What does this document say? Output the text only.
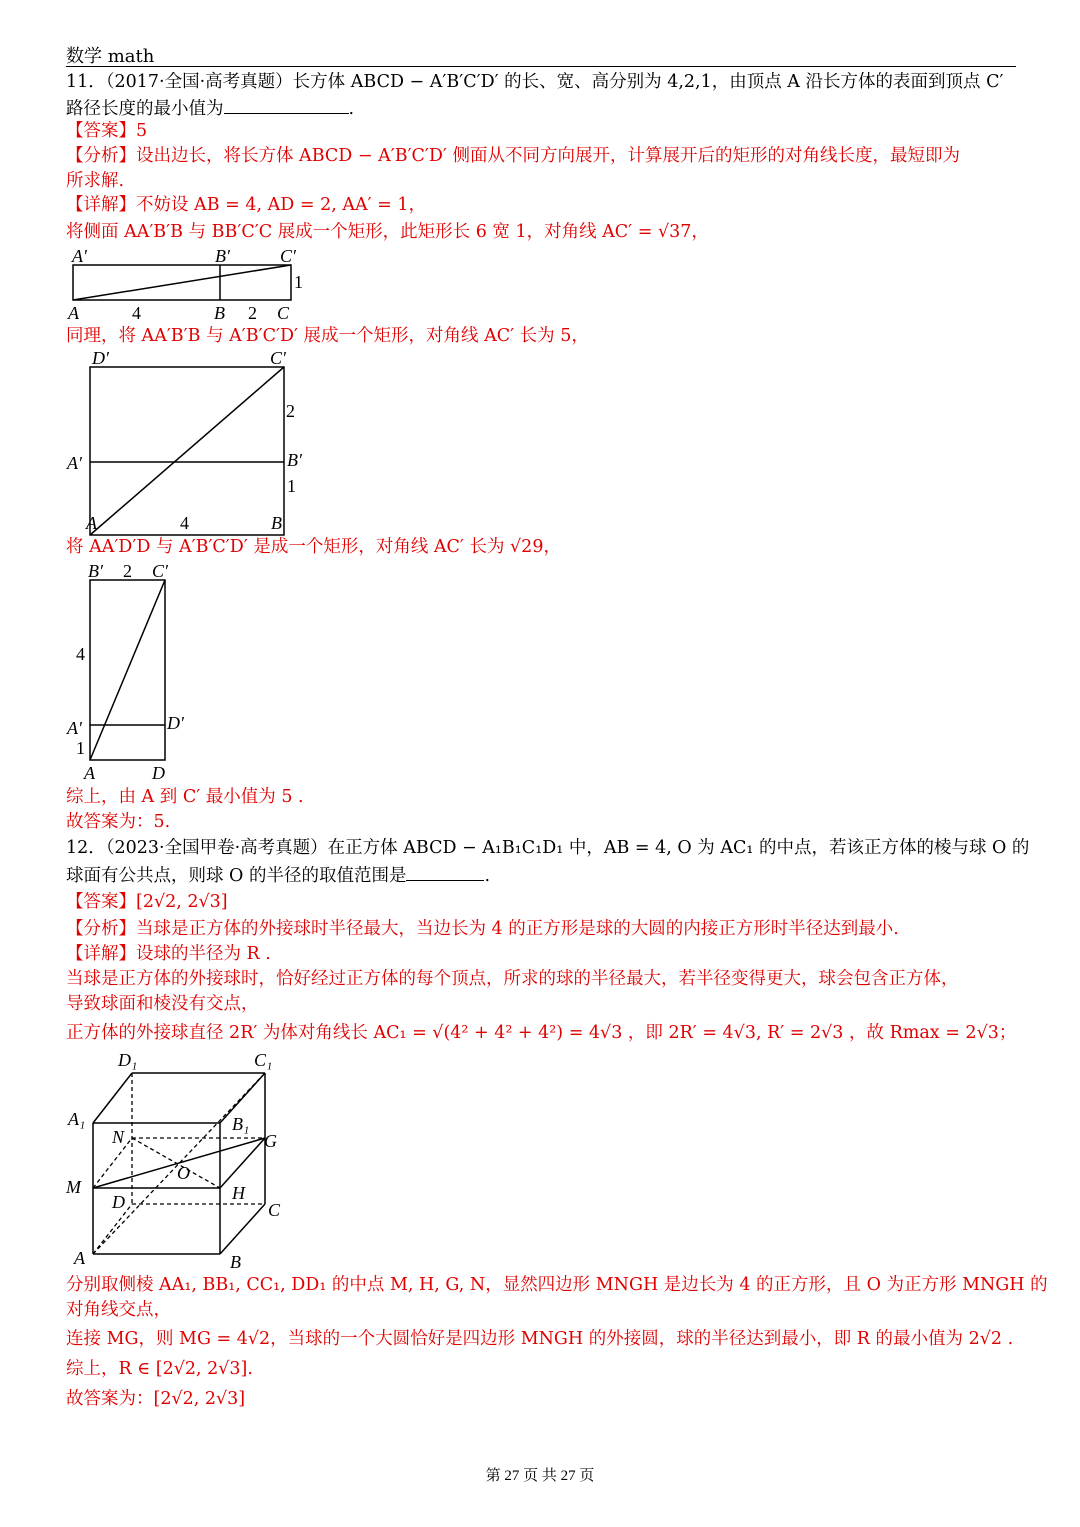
数学 math
11．（2017·全国·高考真题）长方体 ABCD − A′B′C′D′ 的长、宽、高分别为 4,2,1，由顶点 A 沿长方体的表面到顶点 C′
路径长度的最小值为	.
【答案】5
【分析】设出边长，将长方体 ABCD − A′B′C′D′ 侧面从不同方向展开，计算展开后的矩形的对角线长度，最短即为
所求解.
【详解】不妨设 AB = 4, AD = 2, AA′ = 1，
将侧面 AA′B′B 与 BB′C′C 展成一个矩形，此矩形长 6 宽 1，对角线 AC′ = √37，
A′	B′	C′
1
A	4	B 2 C
同理，将 AA′B′B 与 A′B′C′D′ 展成一个矩形，对角线 AC′ 长为 5，
D′	C′
2
A′	B′
1
A	4	B
将 AA′D′D 与 A′B′C′D′ 是成一个矩形，对角线 AC′ 长为 √29，
B′ 2 C′
4
A′	D′
1
A	D
综上，由 A 到 C′ 最小值为 5 .
故答案为：5.
12．（2023·全国甲卷·高考真题）在正方体 ABCD − A₁B₁C₁D₁ 中，AB = 4, O 为 AC₁ 的中点，若该正方体的棱与球 O 的
球面有公共点，则球 O 的半径的取值范围是	.
【答案】[2√2, 2√3]
【分析】当球是正方体的外接球时半径最大，当边长为 4 的正方形是球的大圆的内接正方形时半径达到最小.
【详解】设球的半径为 R .
当球是正方体的外接球时，恰好经过正方体的每个顶点，所求的球的半径最大，若半径变得更大，球会包含正方体，
导致球面和棱没有交点，
正方体的外接球直径 2R′ 为体对角线长 AC₁ = √(4² + 4² + 4²) = 4√3 ，即 2R′ = 4√3, R′ = 2√3 ，故 Rmax = 2√3；
D₁	C₁
A₁	B₁
N	G
O
M
D	H
C
A	B
分别取侧棱 AA₁, BB₁, CC₁, DD₁ 的中点 M, H, G, N，显然四边形 MNGH 是边长为 4 的正方形，且 O 为正方形 MNGH 的
对角线交点，
连接 MG，则 MG = 4√2，当球的一个大圆恰好是四边形 MNGH 的外接圆，球的半径达到最小，即 R 的最小值为 2√2 .
综上，R ∈ [2√2, 2√3].
故答案为：[2√2, 2√3]
第 27 页 共 27 页
